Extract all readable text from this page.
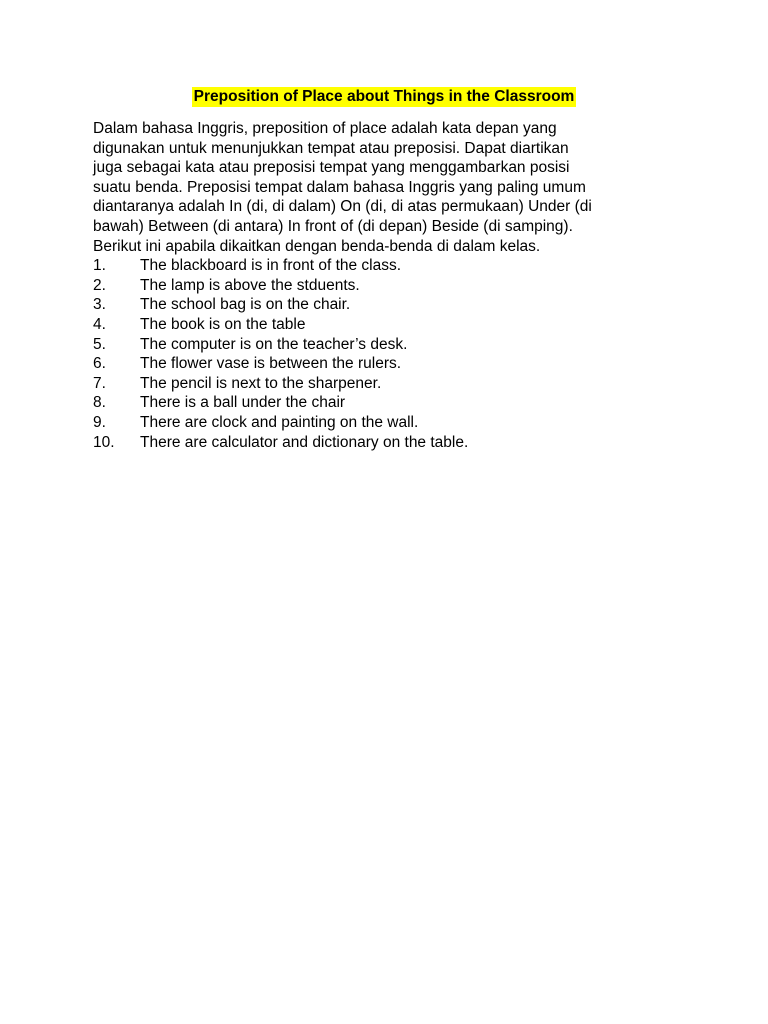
Preposition of Place about Things in the Classroom
Dalam bahasa Inggris, preposition of place adalah kata depan yang
digunakan untuk menunjukkan tempat atau preposisi. Dapat diartikan
juga sebagai kata atau preposisi tempat yang menggambarkan posisi
suatu benda. Preposisi tempat dalam bahasa Inggris yang paling umum
diantaranya adalah In (di, di dalam) On (di, di atas permukaan) Under (di
bawah) Between (di antara) In front of (di depan) Beside (di samping).
Berikut ini apabila dikaitkan dengan benda-benda di dalam kelas.
1.	The blackboard is in front of the class.
2.	The lamp is above the stduents.
3.	The school bag is on the chair.
4.	The book is on the table
5.	The computer is on the teacher’s desk.
6.	The flower vase is between the rulers.
7.	The pencil is next to the sharpener.
8.	There is a ball under the chair
9.	There are clock and painting on the wall.
10.	There are calculator and dictionary on the table.
